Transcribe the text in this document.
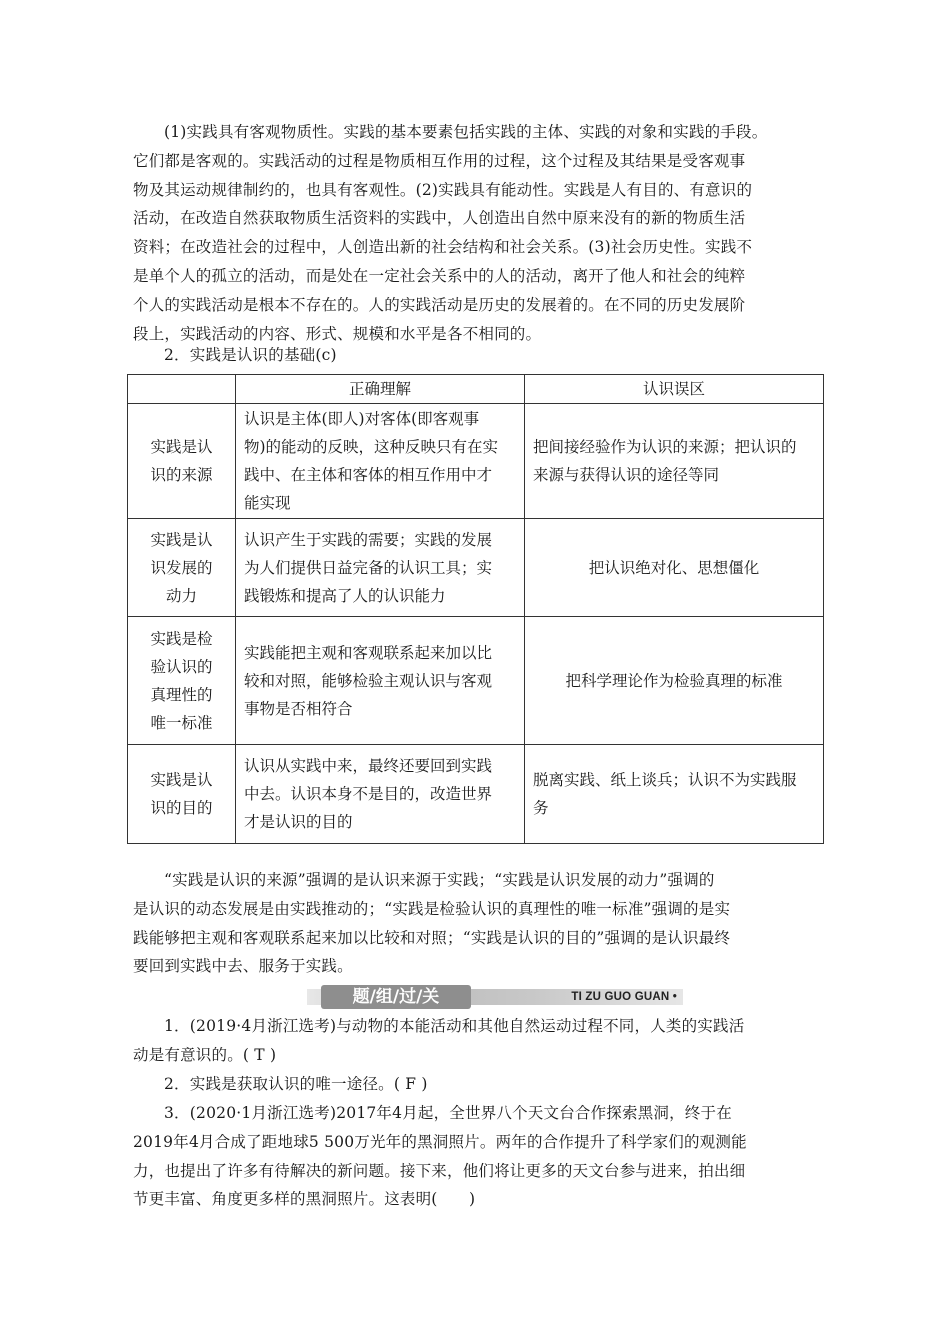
(1)实践具有客观物质性。实践的基本要素包括实践的主体、实践的对象和实践的手段。
它们都是客观的。实践活动的过程是物质相互作用的过程，这个过程及其结果是受客观事
物及其运动规律制约的，也具有客观性。(2)实践具有能动性。实践是人有目的、有意识的
活动，在改造自然获取物质生活资料的实践中，人创造出自然中原来没有的新的物质生活
资料；在改造社会的过程中，人创造出新的社会结构和社会关系。(3)社会历史性。实践不
是单个人的孤立的活动，而是处在一定社会关系中的人的活动，离开了他人和社会的纯粹
个人的实践活动是根本不存在的。人的实践活动是历史的发展着的。在不同的历史发展阶
段上，实践活动的内容、形式、规模和水平是各不相同的。

2．实践是认识的基础(c)

	正确理解	认识误区
实践是认
识的来源	认识是主体(即人)对客体(即客观事
物)的能动的反映，这种反映只有在实
践中、在主体和客体的相互作用中才
能实现	把间接经验作为认识的来源；把认识的
来源与获得认识的途径等同
实践是认
识发展的
动力	认识产生于实践的需要；实践的发展
为人们提供日益完备的认识工具；实
践锻炼和提高了人的认识能力	把认识绝对化、思想僵化
实践是检
验认识的
真理性的
唯一标准	实践能把主观和客观联系起来加以比
较和对照，能够检验主观认识与客观
事物是否相符合	把科学理论作为检验真理的标准
实践是认
识的目的	认识从实践中来，最终还要回到实践
中去。认识本身不是目的，改造世界
才是认识的目的	脱离实践、纸上谈兵；认识不为实践服
务

“实践是认识的来源”强调的是认识来源于实践；“实践是认识发展的动力”强调的
是认识的动态发展是由实践推动的；“实践是检验认识的真理性的唯一标准”强调的是实
践能够把主观和客观联系起来加以比较和对照；“实践是认识的目的”强调的是认识最终
要回到实践中去、服务于实践。

题/组/过/关	TI ZU GUO GUAN •

1．(2019·4月浙江选考)与动物的本能活动和其他自然运动过程不同，人类的实践活
动是有意识的。( T )

2．实践是获取认识的唯一途径。( F )

3．(2020·1月浙江选考)2017年4月起，全世界八个天文台合作探索黑洞，终于在
2019年4月合成了距地球5 500万光年的黑洞照片。两年的合作提升了科学家们的观测能
力，也提出了许多有待解决的新问题。接下来，他们将让更多的天文台参与进来，拍出细
节更丰富、角度更多样的黑洞照片。这表明(　　)
